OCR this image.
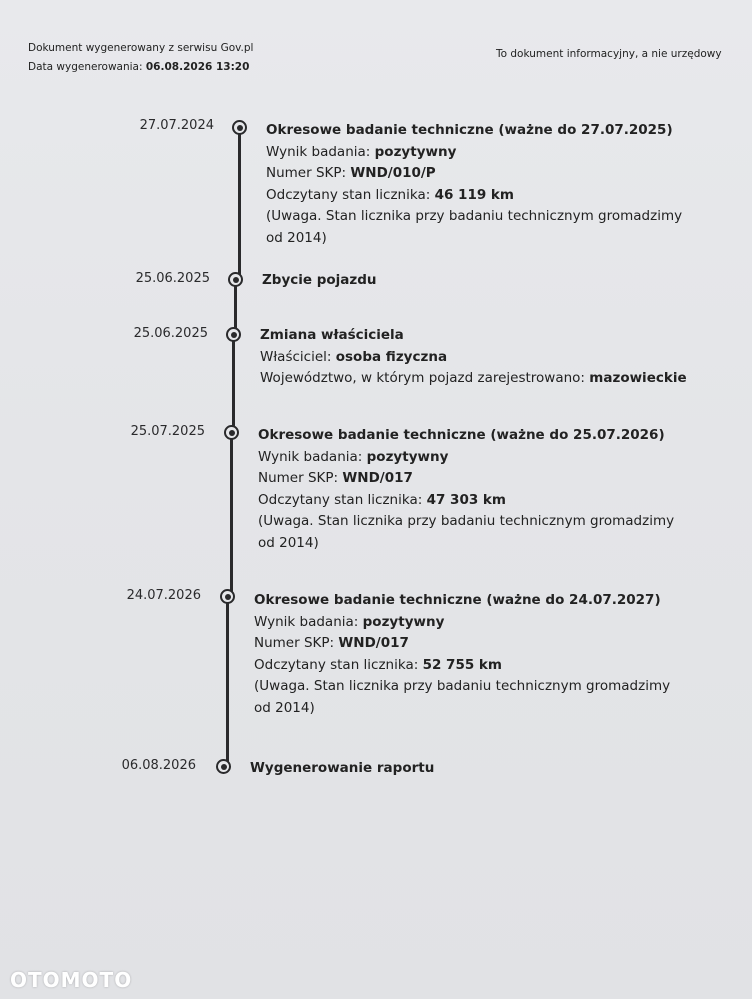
Dokument wygenerowany z serwisu Gov.pl
Data wygenerowania: 06.08.2026 13:20
To dokument informacyjny, a nie urzędowy
27.07.2024	Okresowe badanie techniczne (ważne do 27.07.2025)
Wynik badania: pozytywny
Numer SKP: WND/010/P
Odczytany stan licznika: 46 119 km
(Uwaga. Stan licznika przy badaniu technicznym gromadzimy od 2014)
25.06.2025	Zbycie pojazdu
25.06.2025	Zmiana właściciela
Właściciel: osoba fizyczna
Województwo, w którym pojazd zarejestrowano: mazowieckie
25.07.2025	Okresowe badanie techniczne (ważne do 25.07.2026)
Wynik badania: pozytywny
Numer SKP: WND/017
Odczytany stan licznika: 47 303 km
(Uwaga. Stan licznika przy badaniu technicznym gromadzimy od 2014)
24.07.2026	Okresowe badanie techniczne (ważne do 24.07.2027)
Wynik badania: pozytywny
Numer SKP: WND/017
Odczytany stan licznika: 52 755 km
(Uwaga. Stan licznika przy badaniu technicznym gromadzimy od 2014)
06.08.2026	Wygenerowanie raportu
OTOMOTO
